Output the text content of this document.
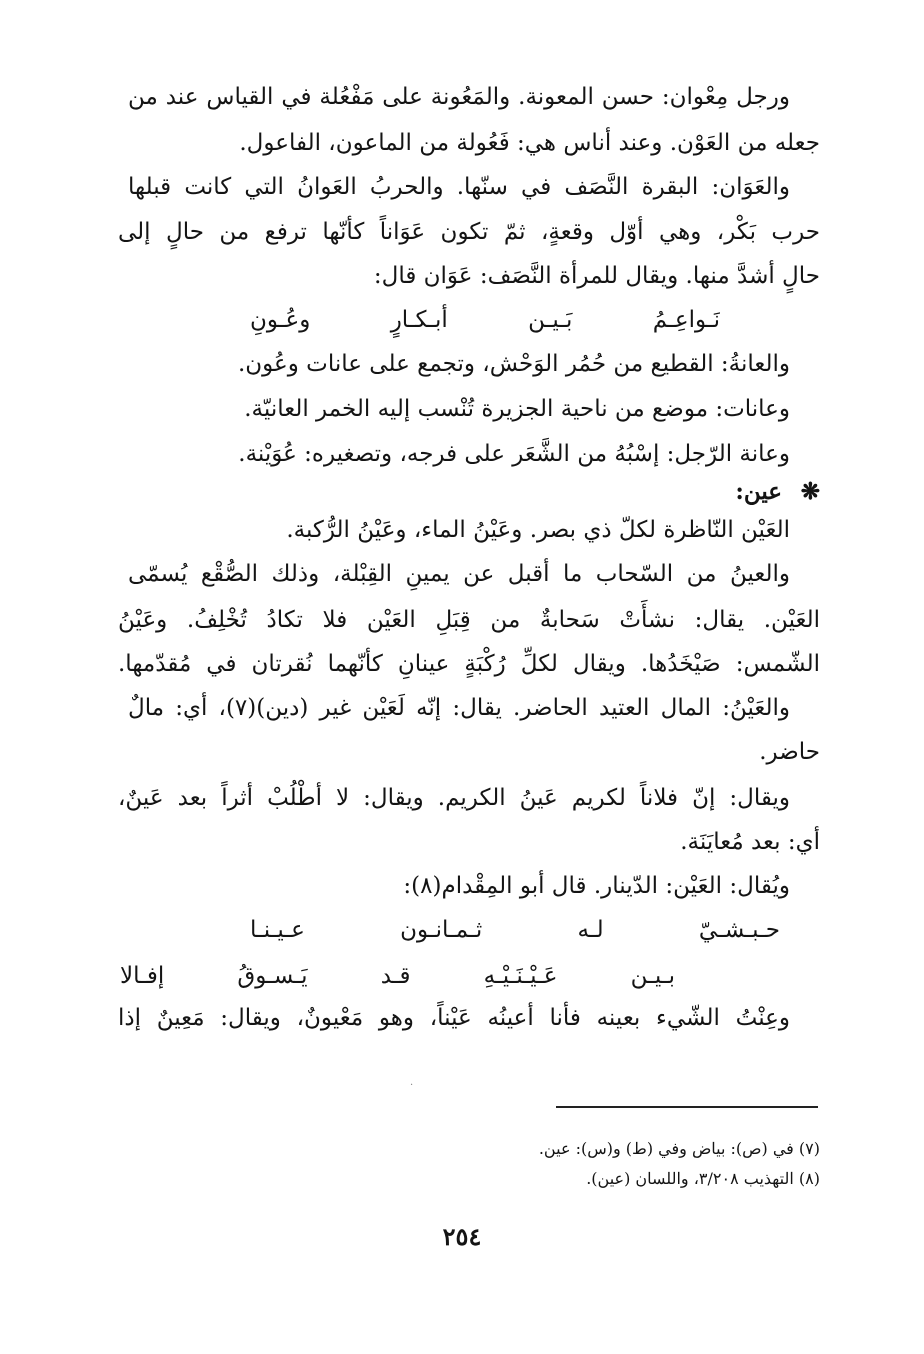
ورجل مِعْوان: حسن المعونة. والمَعُونة على مَفْعُلة في القياس عند من
جعله من العَوْن. وعند أناس هي: فَعُولة من الماعون، الفاعول.
والعَوَان: البقرة النَّصَف في سنّها. والحربُ العَوانُ التي كانت قبلها
حرب بَكْر، وهي أوّل وقعةٍ، ثمّ تكون عَوَاناً كأنّها ترفع من حالٍ إلى
حالٍ أشدَّ منها. ويقال للمرأة النَّصَف: عَوَان قال:
نَـواعِـمُ بَـيـن أبـكـارٍ وعُـونِ
والعانةُ: القطيع من حُمُر الوَحْش، وتجمع على عانات وعُون.
وعانات: موضع من ناحية الجزيرة تُنْسب إليه الخمر العانيّة.
وعانة الرّجل: إسْبُهُ من الشَّعَر على فرجه، وتصغيره: عُوَيْنة.
❋
عين:
العَيْن النّاظرة لكلّ ذي بصر. وعَيْنُ الماء، وعَيْنُ الرُّكبة.
والعينُ من السّحاب ما أقبل عن يمينِ القِبْلة، وذلك الصُّقْع يُسمّى
العَيْن. يقال: نشأَتْ سَحابةٌ من قِبَلِ العَيْن فلا تكادُ تُخْلِفُ. وعَيْنُ
الشّمس: صَيْخَدُها. ويقال لكلِّ رُكْبَةٍ عينانِ كأنّهما نُقرتان في مُقدّمها.
والعَيْنُ: المال العتيد الحاضر. يقال: إنّه لَعَيْن غير (دين)(٧)، أي: مالٌ
حاضر.
ويقال: إنّ فلاناً لكريم عَينُ الكريم. ويقال: لا أطْلُبْ أثراً بعد عَينٌ،
أي: بعد مُعايَنَة.
ويُقال: العَيْن: الدّينار. قال أبو المِقْدام(٨):
حـبـشـيّ لـه ثـمـانـون عـيـنـا
بـيـن عَـيْـنَـيْـهِ قـد يَـسـوقُ إفـالا
وعِنْتُ الشّيء بعينه فأنا أعينُه عَيْناً، وهو مَعْيونٌ، ويقال: مَعِينٌ إذا
·
(٧) في (ص): بياض وفي (ط) و(س): عين.
(٨) التهذيب ٣/٢٠٨، واللسان (عين).
٢٥٤
